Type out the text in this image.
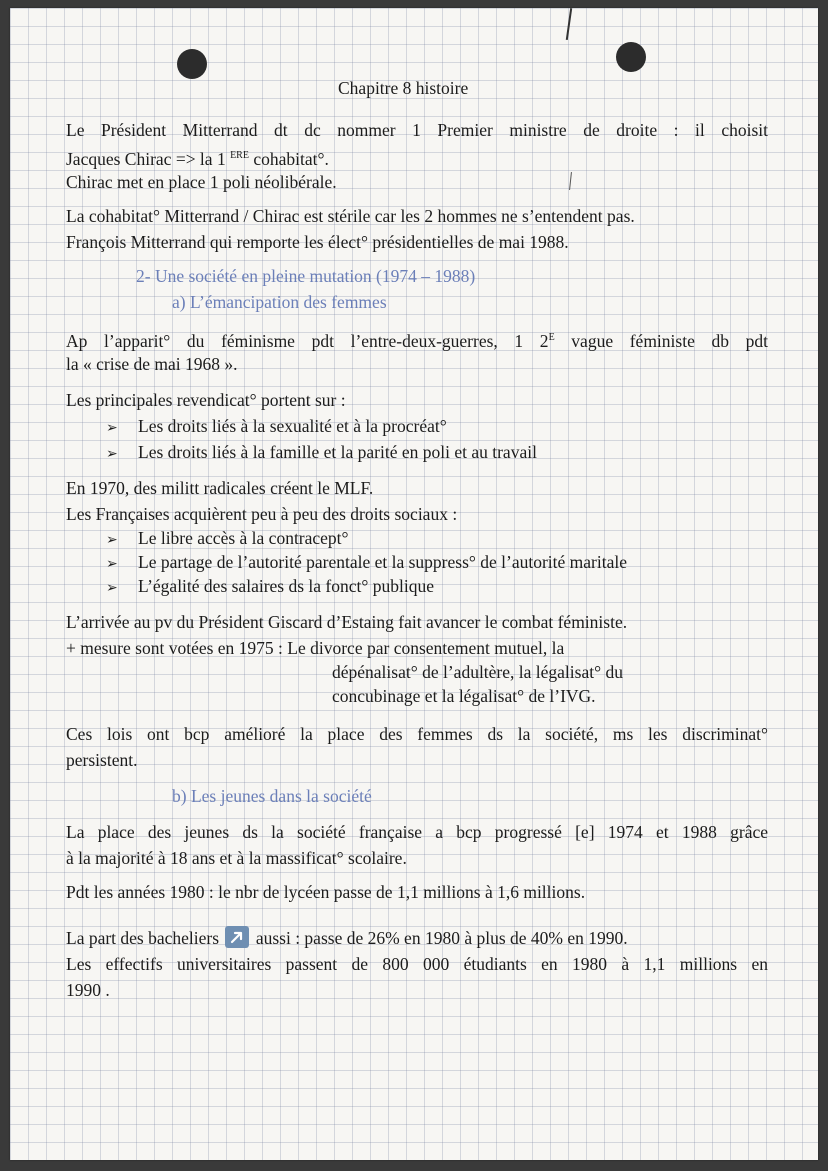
Chapitre 8 histoire
Le Président Mitterrand dt dc nommer 1 Premier ministre de droite : il choisit
Jacques Chirac => la 1 $^{ERE}$ cohabitat°.
Chirac met en place 1 poli néolibérale.
La cohabitat° Mitterrand / Chirac est stérile car les 2 hommes ne s’entendent pas.
François Mitterrand qui remporte les élect° présidentielles de mai 1988.
2- Une société en pleine mutation (1974 – 1988)
a) L’émancipation des femmes
Ap l’apparit° du féminisme pdt l’entre-deux-guerres, 1 $2^E$ vague féministe db pdt
la « crise de mai 1968 ».
Les principales revendicat° portent sur :
➢ Les droits liés à la sexualité et à la procréat°
➢ Les droits liés à la famille et la parité en poli et au travail
En 1970, des militt radicales créent le MLF.
Les Françaises acquièrent peu à peu des droits sociaux :
➢ Le libre accès à la contracept°
➢ Le partage de l’autorité parentale et la suppress° de l’autorité maritale
➢ L’égalité des salaires ds la fonct° publique
L’arrivée au pv du Président Giscard d’Estaing fait avancer le combat féministe.
+ mesure sont votées en 1975 : Le divorce par consentement mutuel, la
dépénalisat° de l’adultère, la légalisat° du
concubinage et la légalisat° de l’IVG.
Ces lois ont bcp amélioré la place des femmes ds la société, ms les discriminat°
persistent.
b) Les jeunes dans la société
La place des jeunes ds la société française a bcp progressé [e] 1974 et 1988 grâce
à la majorité à 18 ans et à la massificat° scolaire.
Pdt les années 1980 : le nbr de lycéen passe de 1,1 millions à 1,6 millions.
La part des bacheliers aussi : passe de 26% en 1980 à plus de 40% en 1990.
Les effectifs universitaires passent de 800 000 étudiants en 1980 à 1,1 millions en
1990 .
